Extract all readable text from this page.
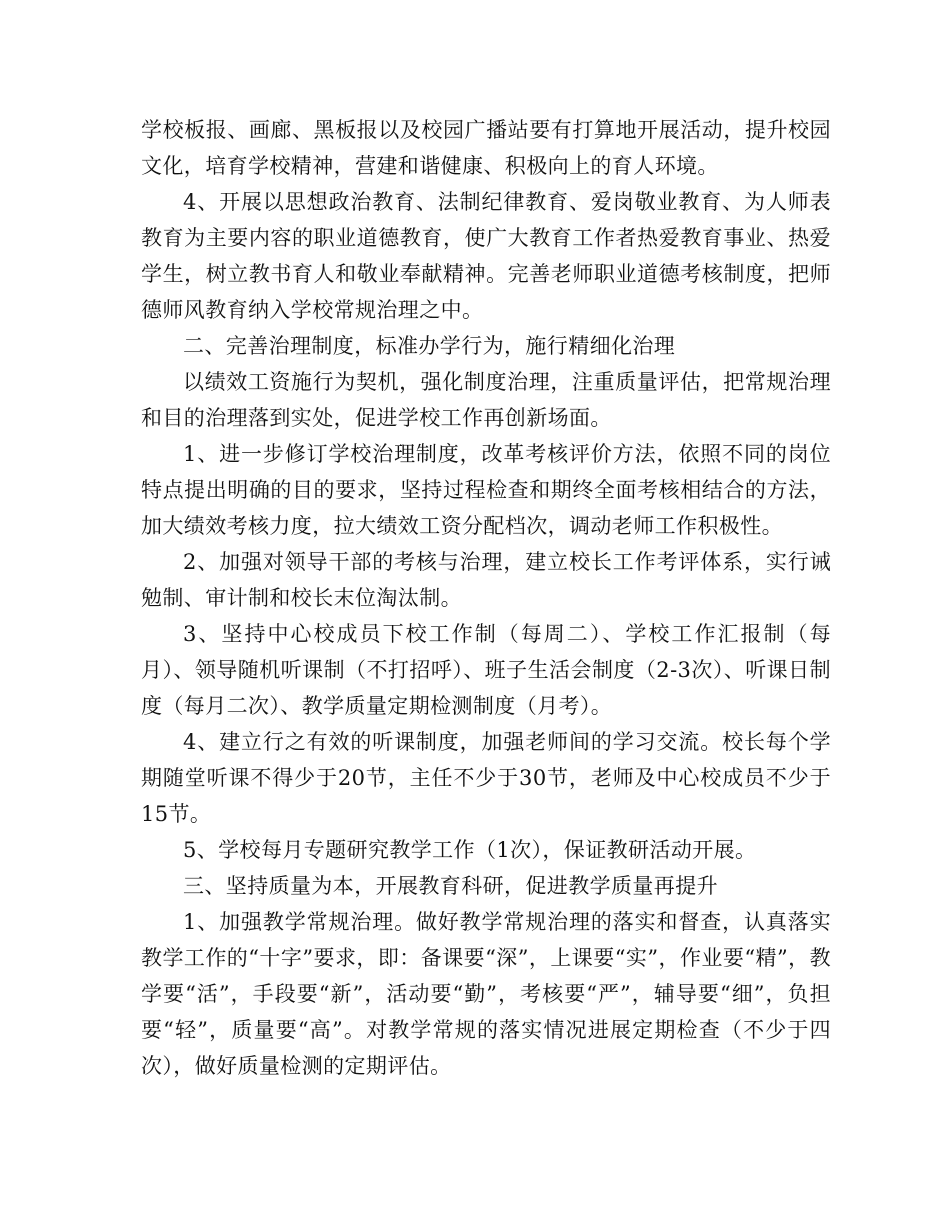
学校板报、画廊、黑板报以及校园广播站要有打算地开展活动，提升校园文化，培育学校精神，营建和谐健康、积极向上的育人环境。

4、开展以思想政治教育、法制纪律教育、爱岗敬业教育、为人师表教育为主要内容的职业道德教育，使广大教育工作者热爱教育事业、热爱学生，树立教书育人和敬业奉献精神。完善老师职业道德考核制度，把师德师风教育纳入学校常规治理之中。

二、完善治理制度，标准办学行为，施行精细化治理

以绩效工资施行为契机，强化制度治理，注重质量评估，把常规治理和目的治理落到实处，促进学校工作再创新场面。

1、进一步修订学校治理制度，改革考核评价方法，依照不同的岗位特点提出明确的目的要求，坚持过程检查和期终全面考核相结合的方法，加大绩效考核力度，拉大绩效工资分配档次，调动老师工作积极性。

2、加强对领导干部的考核与治理，建立校长工作考评体系，实行诫勉制、审计制和校长末位淘汰制。

3、坚持中心校成员下校工作制（每周二）、学校工作汇报制（每月）、领导随机听课制（不打招呼）、班子生活会制度（2-3次）、听课日制度（每月二次）、教学质量定期检测制度（月考）。

4、建立行之有效的听课制度，加强老师间的学习交流。校长每个学期随堂听课不得少于20节，主任不少于30节，老师及中心校成员不少于15节。

5、学校每月专题研究教学工作（1次），保证教研活动开展。

三、坚持质量为本，开展教育科研，促进教学质量再提升

1、加强教学常规治理。做好教学常规治理的落实和督查，认真落实教学工作的“十字”要求，即：备课要“深”，上课要“实”，作业要“精”，教学要“活”，手段要“新”，活动要“勤”，考核要“严”，辅导要“细”，负担要“轻”，质量要“高”。对教学常规的落实情况进展定期检查（不少于四次），做好质量检测的定期评估。
